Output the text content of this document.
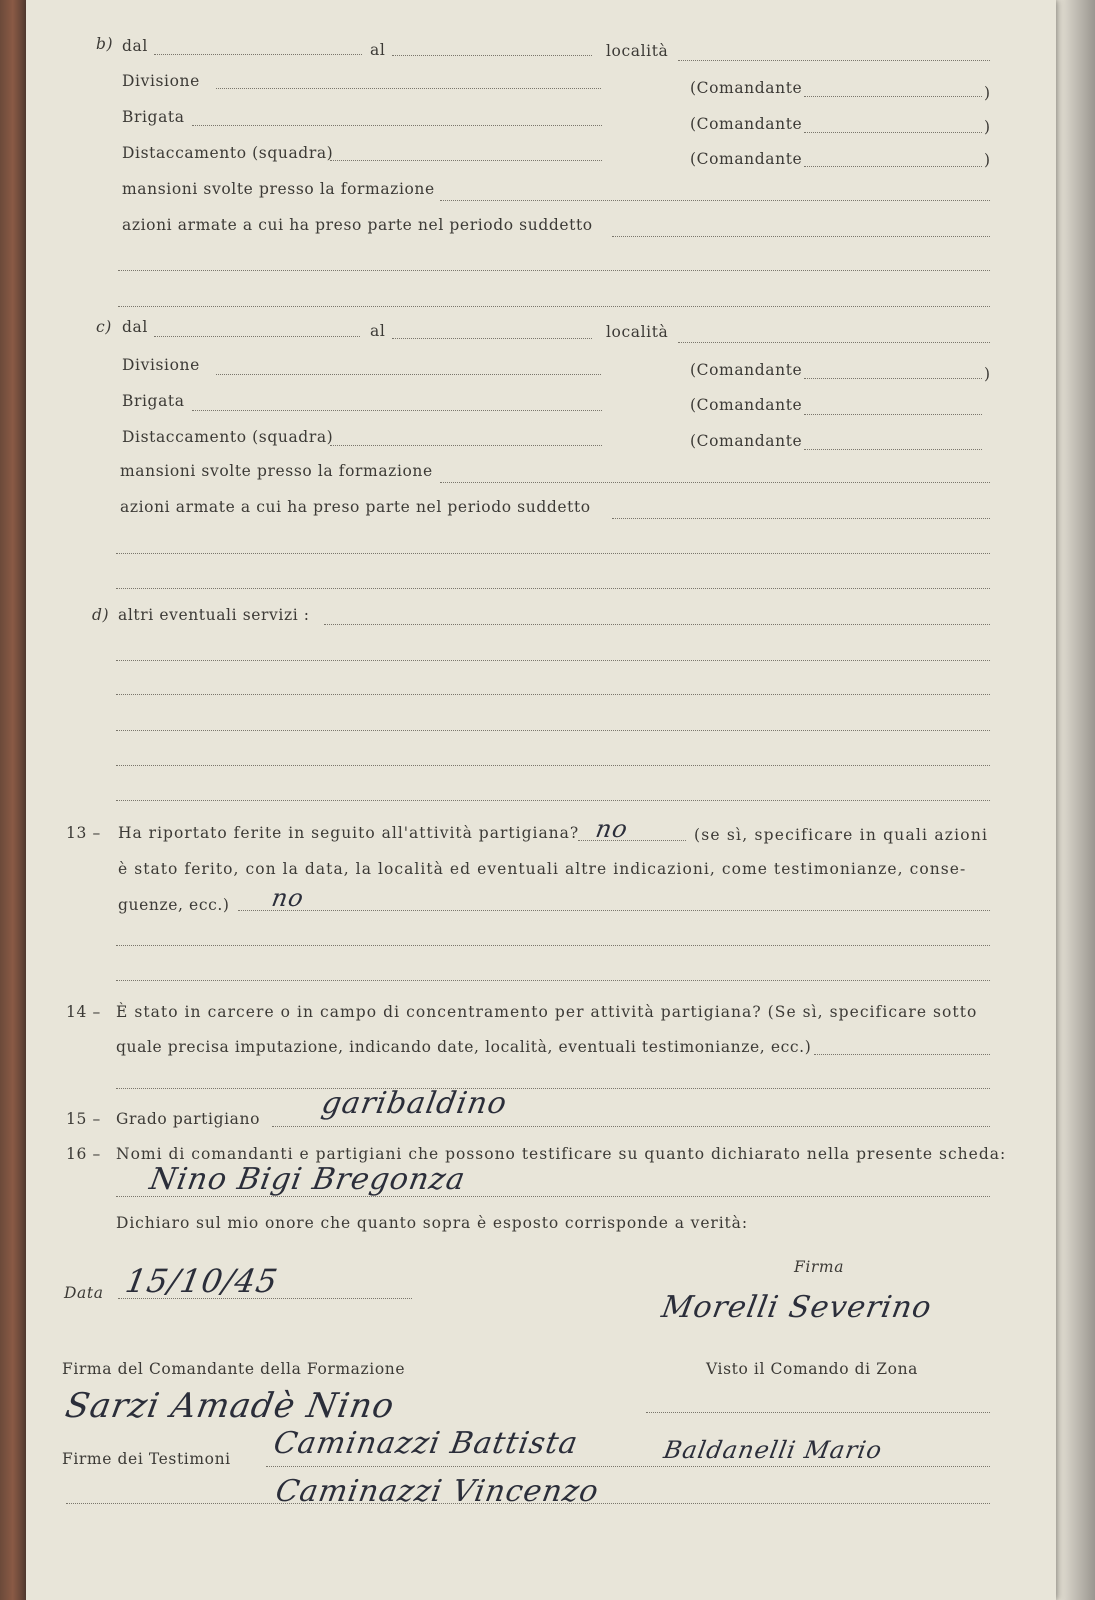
b) dal	al	località
Divisione	(Comandante	)
Brigata	(Comandante	)
Distaccamento (squadra)	(Comandante	)
mansioni svolte presso la formazione
azioni armate a cui ha preso parte nel periodo suddetto
c) dal	al	località
Divisione	(Comandante	)
Brigata	(Comandante
Distaccamento (squadra)	(Comandante
mansioni svolte presso la formazione
azioni armate a cui ha preso parte nel periodo suddetto
d) altri eventuali servizi :
13 – Ha riportato ferite in seguito all'attività partigiana? no	(se sì, specificare in quali azioni
è stato ferito, con la data, la località ed eventuali altre indicazioni, come testimonianze, conse-
guenze, ecc.) no
14 – È stato in carcere o in campo di concentramento per attività partigiana? (Se sì, specificare sotto
quale precisa imputazione, indicando date, località, eventuali testimonianze, ecc.)
15 – Grado partigiano garibaldino
16 – Nomi di comandanti e partigiani che possono testificare su quanto dichiarato nella presente scheda:
Nino Bigi Bregonza
Dichiaro sul mio onore che quanto sopra è esposto corrisponde a verità:
Data 15/10/45	Firma
Morelli Severino
Firma del Comandante della Formazione
Sarzi Amadè Nino
Visto il Comando di Zona
Firme dei Testimoni Caminazzi Battista	Baldanelli Mario
Caminazzi Vincenzo
